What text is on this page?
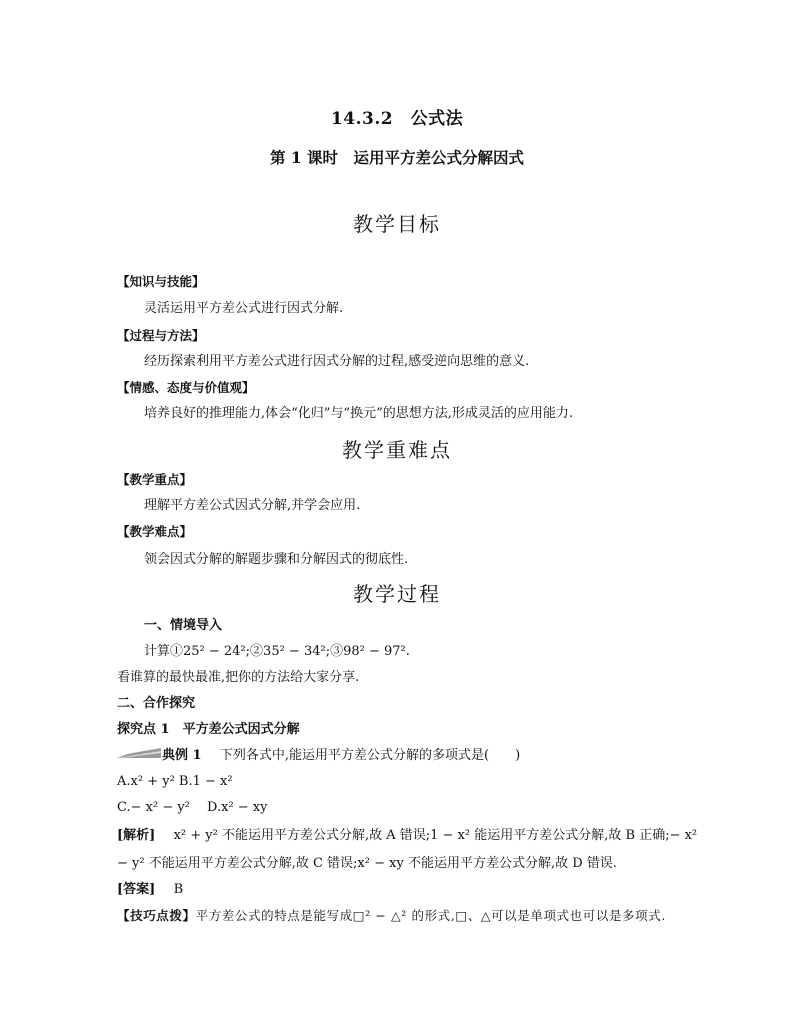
14.3.2　公式法
第 1 课时　运用平方差公式分解因式
教学目标
【知识与技能】
灵活运用平方差公式进行因式分解.
【过程与方法】
经历探索利用平方差公式进行因式分解的过程,感受逆向思维的意义.
【情感、态度与价值观】
培养良好的推理能力,体会“化归”与“换元”的思想方法,形成灵活的应用能力.
教学重难点
【教学重点】
理解平方差公式因式分解,并学会应用.
【教学难点】
领会因式分解的解题步骤和分解因式的彻底性.
教学过程
一、情境导入
计算①25² − 24²;②35² − 34²;③98² − 97².
看谁算的最快最准,把你的方法给大家分享.
二、合作探究
探究点 1　平方差公式因式分解
典例 1 下列各式中,能运用平方差公式分解的多项式是(　　)
A.x² + y² B.1 − x²
C.− x² − y²　 D.x² − xy
[解析] x² + y² 不能运用平方差公式分解,故 A 错误;1 − x² 能运用平方差公式分解,故 B 正确;− x²
− y² 不能运用平方差公式分解,故 C 错误;x² − xy 不能运用平方差公式分解,故 D 错误.
[答案] B
【技巧点拨】平方差公式的特点是能写成□² − △² 的形式,□、△可以是单项式也可以是多项式.
